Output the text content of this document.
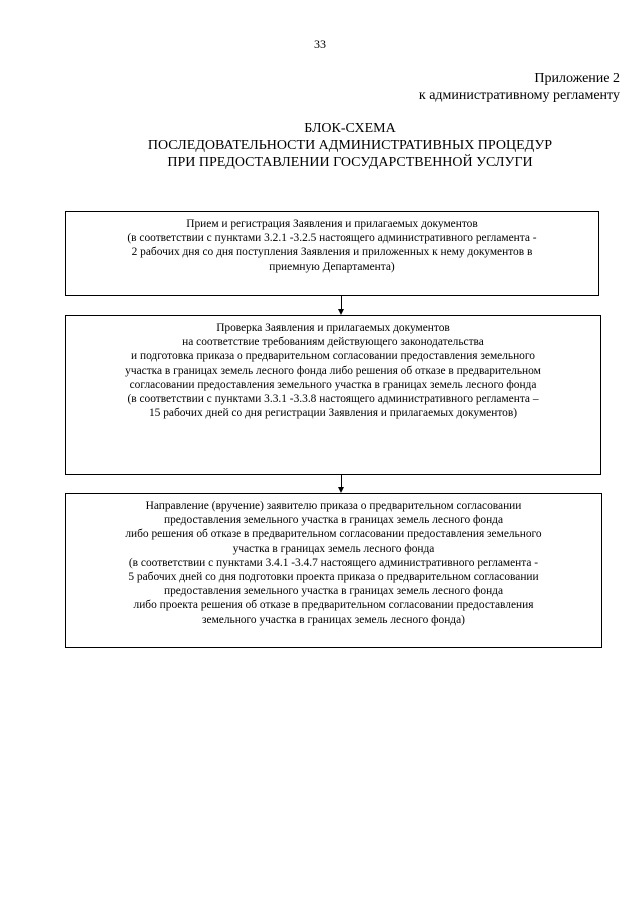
33
Приложение 2
к административному регламенту
БЛОК-СХЕМА
ПОСЛЕДОВАТЕЛЬНОСТИ АДМИНИСТРАТИВНЫХ ПРОЦЕДУР
ПРИ ПРЕДОСТАВЛЕНИИ ГОСУДАРСТВЕННОЙ УСЛУГИ
Прием и регистрация Заявления и прилагаемых документов
(в соответствии с пунктами 3.2.1 -3.2.5 настоящего административного регламента -
2 рабочих дня со дня поступления Заявления и приложенных к нему документов в
приемную Департамента)
Проверка Заявления и прилагаемых документов
на соответствие требованиям действующего законодательства
и подготовка приказа о предварительном согласовании предоставления земельного
участка в границах земель лесного фонда либо решения об отказе в предварительном
согласовании предоставления земельного участка в границах земель лесного фонда
(в соответствии с пунктами 3.3.1 -3.3.8 настоящего административного регламента –
15 рабочих дней со дня регистрации Заявления и прилагаемых документов)
Направление (вручение) заявителю приказа о предварительном согласовании
предоставления земельного участка в границах земель лесного фонда
либо решения об отказе в предварительном согласовании предоставления земельного
участка в границах земель лесного фонда
(в соответствии с пунктами 3.4.1 -3.4.7 настоящего административного регламента -
5 рабочих дней со дня подготовки проекта приказа о предварительном согласовании
предоставления земельного участка в границах земель лесного фонда
либо проекта решения об отказе в предварительном согласовании предоставления
земельного участка в границах земель лесного фонда)
